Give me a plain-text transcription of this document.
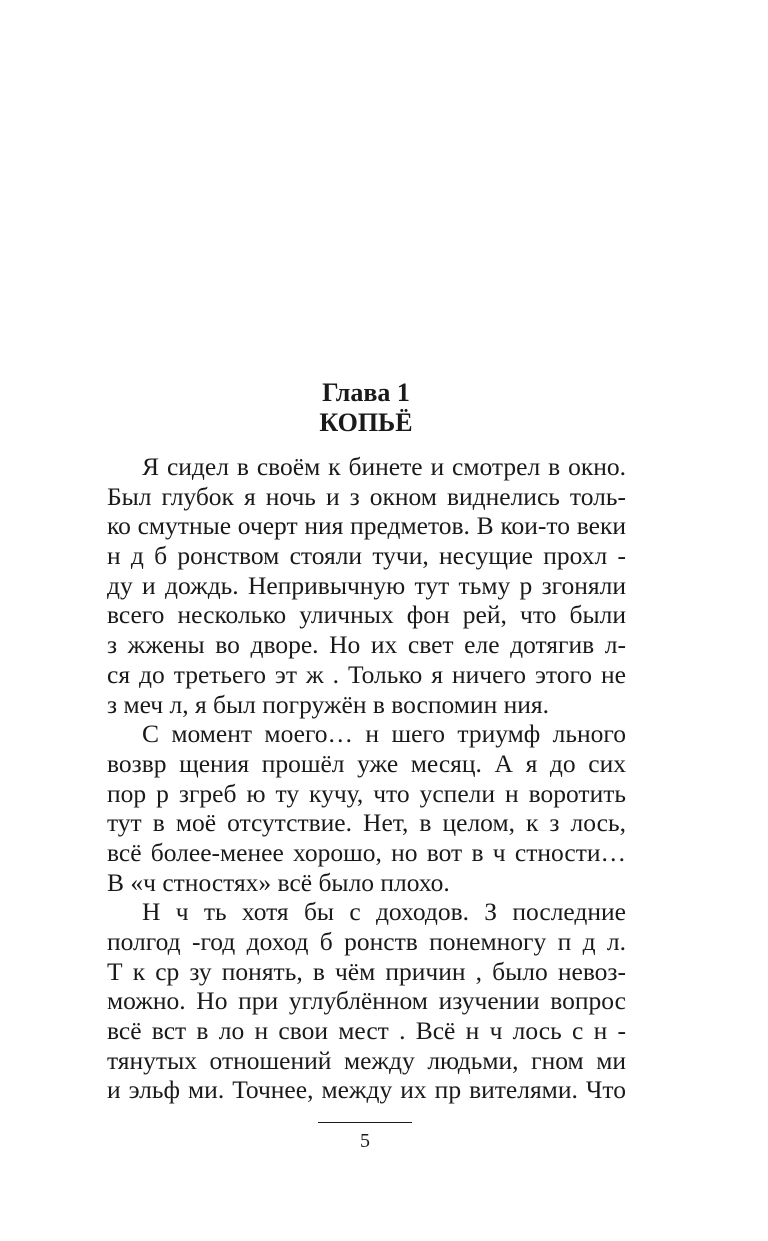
Глава 1
КОПЬЁ
Я сидел в своём к бинете и смотрел в окно.
Был глубок я ночь и з окном виднелись толь-
ко смутные очерт ния предметов. В кои-то веки
н д б ронством стояли тучи, несущие прохл -
ду и дождь. Непривычную тут тьму р згоняли
всего несколько уличных фон рей, что были
з жжены во дворе. Но их свет еле дотягив л-
ся до третьего эт ж . Только я ничего этого не
з меч л, я был погружён в воспомин ния.
С момент моего… н шего триумф льного
возвр щения прошёл уже месяц. А я до сих
пор р згреб ю ту кучу, что успели н воротить
тут в моё отсутствие. Нет, в целом, к з лось,
всё более-менее хорошо, но вот в ч стности…
В «ч стностях» всё было плохо.
Н ч ть хотя бы с доходов. З последние
полгод -год доход б ронств понемногу п д л.
Т к ср зу понять, в чём причин , было невоз-
можно. Но при углублённом изучении вопрос
всё вст в ло н свои мест . Всё н ч лось с н -
тянутых отношений между людьми, гном ми
и эльф ми. Точнее, между их пр вителями. Что
5
